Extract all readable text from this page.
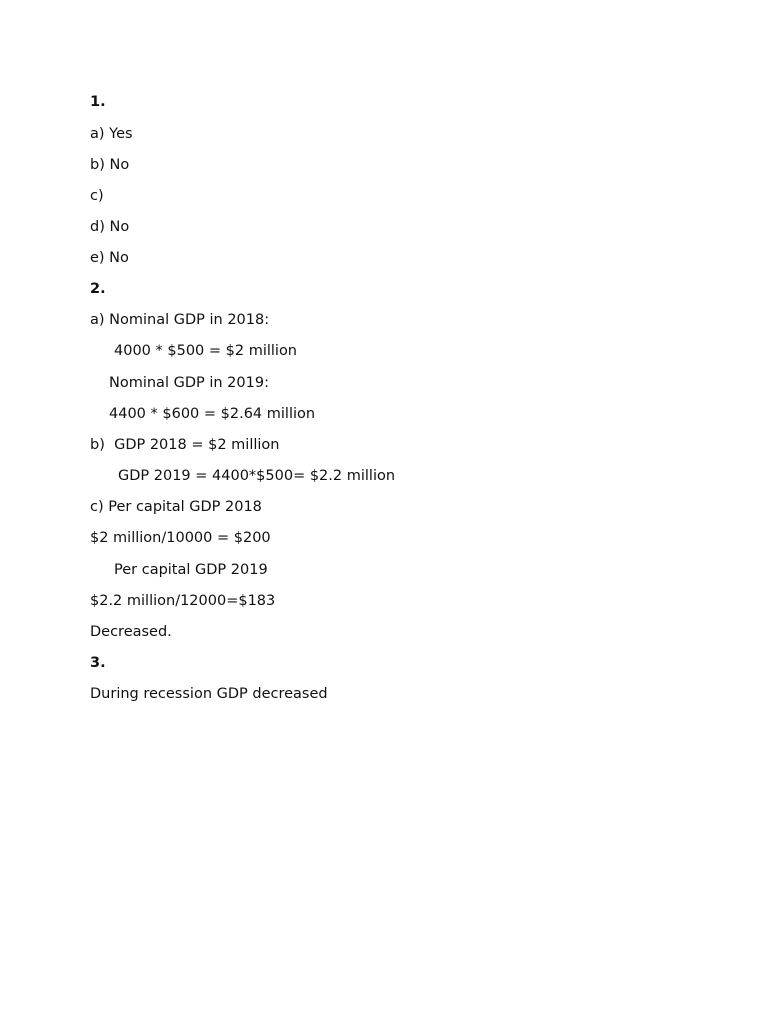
1.
a) Yes
b) No
c)
d) No
e) No
2.
a) Nominal GDP in 2018:
4000 * $500 = $2 million
Nominal GDP in 2019:
4400 * $600 = $2.64 million
b)  GDP 2018 = $2 million
GDP 2019 = 4400*$500= $2.2 million
c) Per capital GDP 2018
$2 million/10000 = $200
Per capital GDP 2019
$2.2 million/12000=$183
Decreased.
3.
During recession GDP decreased
